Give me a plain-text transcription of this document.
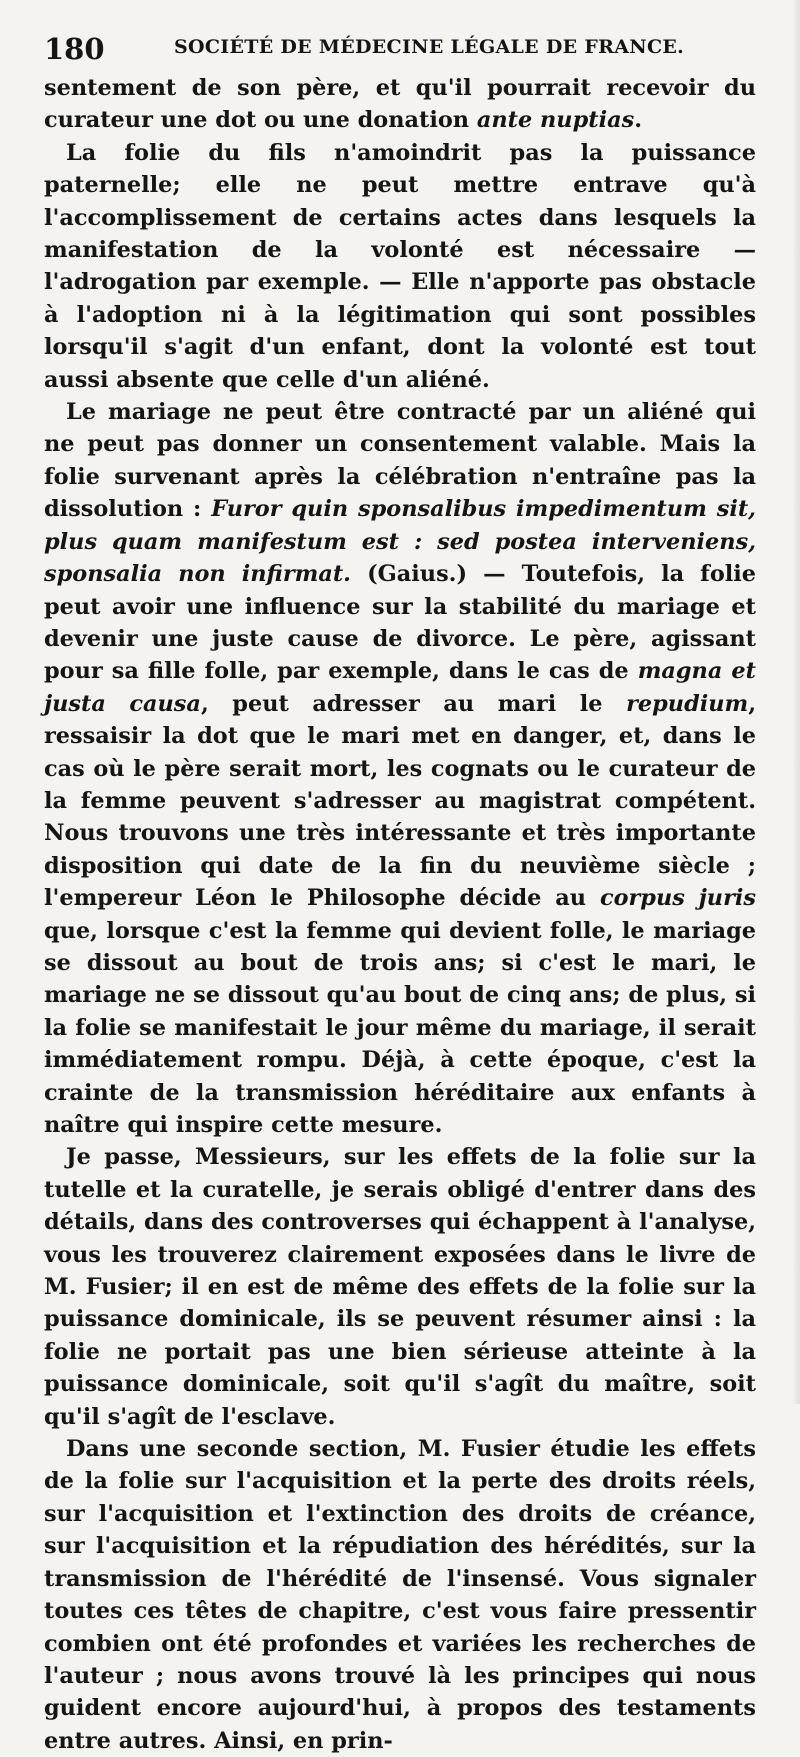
180	SOCIÉTÉ DE MÉDECINE LÉGALE DE FRANCE.

sentement de son père, et qu'il pourrait recevoir du curateur une dot ou une donation ante nuptias.

La folie du fils n'amoindrit pas la puissance paternelle; elle ne peut mettre entrave qu'à l'accomplissement de certains actes dans lesquels la manifestation de la volonté est nécessaire — l'adrogation par exemple. — Elle n'apporte pas obstacle à l'adoption ni à la légitimation qui sont possibles lorsqu'il s'agit d'un enfant, dont la volonté est tout aussi absente que celle d'un aliéné.

Le mariage ne peut être contracté par un aliéné qui ne peut pas donner un consentement valable. Mais la folie survenant après la célébration n'entraîne pas la dissolution : Furor quin sponsalibus impedimentum sit, plus quam manifestum est : sed postea interveniens, sponsalia non infirmat. (Gaius.) — Toutefois, la folie peut avoir une influence sur la stabilité du mariage et devenir une juste cause de divorce. Le père, agissant pour sa fille folle, par exemple, dans le cas de magna et justa causa, peut adresser au mari le repudium, ressaisir la dot que le mari met en danger, et, dans le cas où le père serait mort, les cognats ou le curateur de la femme peuvent s'adresser au magistrat compétent. Nous trouvons une très intéressante et très importante disposition qui date de la fin du neuvième siècle ; l'empereur Léon le Philosophe décide au corpus juris que, lorsque c'est la femme qui devient folle, le mariage se dissout au bout de trois ans; si c'est le mari, le mariage ne se dissout qu'au bout de cinq ans; de plus, si la folie se manifestait le jour même du mariage, il serait immédiatement rompu. Déjà, à cette époque, c'est la crainte de la transmission héréditaire aux enfants à naître qui inspire cette mesure.

Je passe, Messieurs, sur les effets de la folie sur la tutelle et la curatelle, je serais obligé d'entrer dans des détails, dans des controverses qui échappent à l'analyse, vous les trouverez clairement exposées dans le livre de M. Fusier; il en est de même des effets de la folie sur la puissance dominicale, ils se peuvent résumer ainsi : la folie ne portait pas une bien sérieuse atteinte à la puissance dominicale, soit qu'il s'agît du maître, soit qu'il s'agît de l'esclave.

Dans une seconde section, M. Fusier étudie les effets de la folie sur l'acquisition et la perte des droits réels, sur l'acquisition et l'extinction des droits de créance, sur l'acquisition et la répudiation des hérédités, sur la transmission de l'hérédité de l'insensé. Vous signaler toutes ces têtes de chapitre, c'est vous faire pressentir combien ont été profondes et variées les recherches de l'auteur ; nous avons trouvé là les principes qui nous guident encore aujourd'hui, à propos des testaments entre autres. Ainsi, en prin-
